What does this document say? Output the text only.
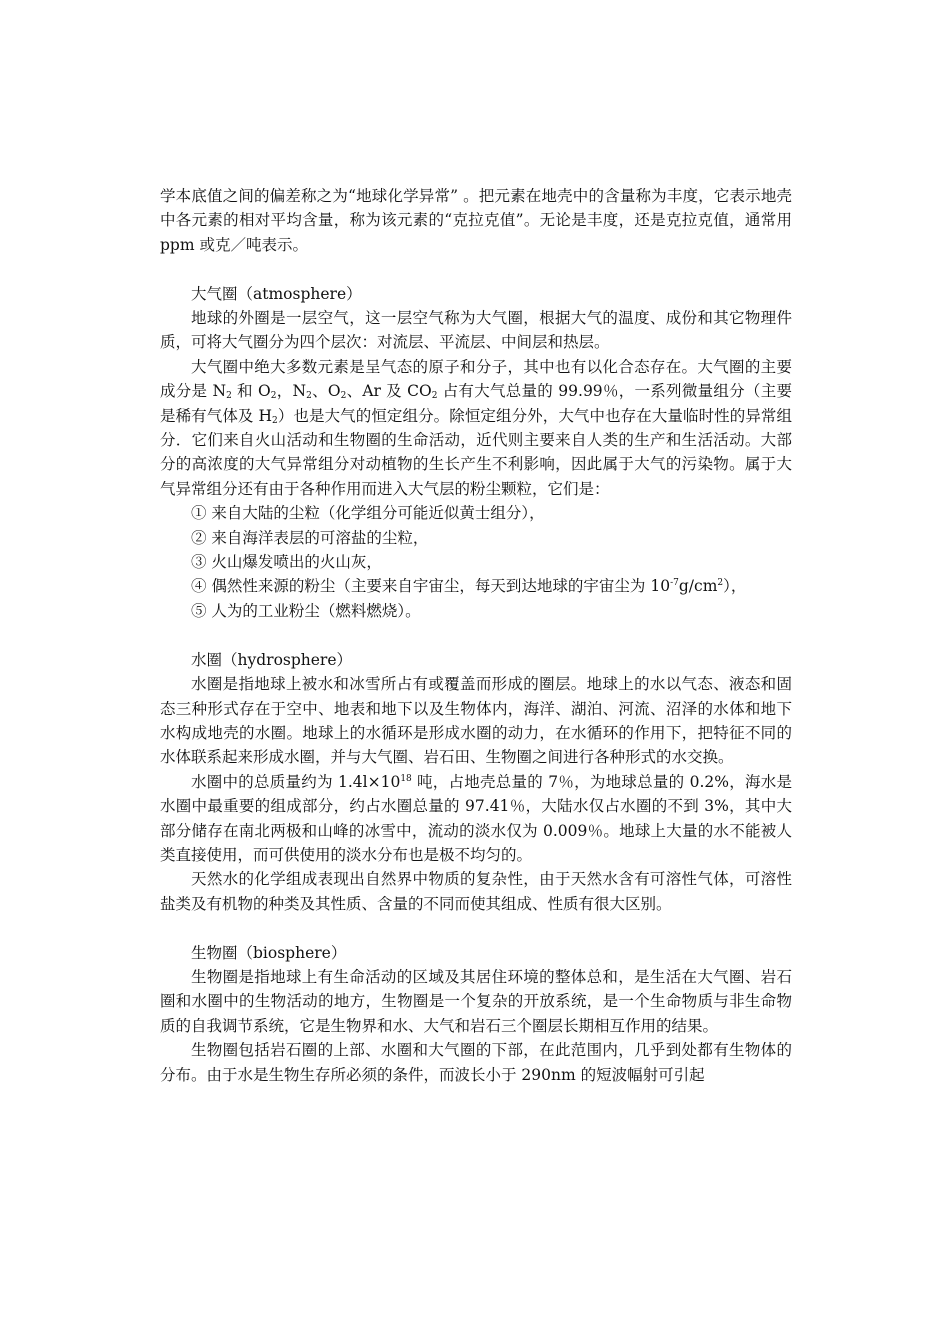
学本底值之间的偏差称之为“地球化学异常” 。把元素在地壳中的含量称为丰度，它表示地壳中各元素的相对平均含量，称为该元素的“克拉克值”。无论是丰度，还是克拉克值，通常用 ppm 或克／吨表示。

大气圈（atmosphere）

地球的外圈是一层空气，这一层空气称为大气圈，根据大气的温度、成份和其它物理件质，可将大气圈分为四个层次：对流层、平流层、中间层和热层。

大气圈中绝大多数元素是呈气态的原子和分子，其中也有以化合态存在。大气圈的主要成分是 $N_2$ 和 $O_2$，$N_2$、$O_2$、Ar 及 $CO_2$ 占有大气总量的 99.99％，一系列微量组分（主要是稀有气体及 $H_2$）也是大气的恒定组分。除恒定组分外，大气中也存在大量临时性的异常组分．它们来自火山活动和生物圈的生命活动，近代则主要来自人类的生产和生活活动。大部分的高浓度的大气异常组分对动植物的生长产生不利影响，因此属于大气的污染物。属于大气异常组分还有由于各种作用而进入大气层的粉尘颗粒，它们是：

① 来自大陆的尘粒（化学组分可能近似黄士组分），

② 来自海洋表层的可溶盐的尘粒，

③ 火山爆发喷出的火山灰，

④ 偶然性来源的粉尘（主要来自宇宙尘，每天到达地球的宇宙尘为 $10^{-7}g/cm^2$），

⑤ 人为的工业粉尘（燃料燃烧）。

水圈（hydrosphere）

水圈是指地球上被水和冰雪所占有或覆盖而形成的圈层。地球上的水以气态、液态和固态三种形式存在于空中、地表和地下以及生物体内，海洋、湖泊、河流、沼泽的水体和地下水构成地壳的水圈。地球上的水循环是形成水圈的动力，在水循环的作用下，把特征不同的水体联系起来形成水圈，并与大气圈、岩石田、生物圈之间进行各种形式的水交换。

水圈中的总质量约为 $1.4l\times 10^{18}$ 吨，占地壳总量的 7％，为地球总量的 0.2%，海水是水圈中最重要的组成部分，约占水圈总量的 97.41％，大陆水仅占水圈的不到 3%，其中大部分储存在南北两极和山峰的冰雪中，流动的淡水仅为 0.009％。地球上大量的水不能被人类直接使用，而可供使用的淡水分布也是极不均匀的。

天然水的化学组成表现出自然界中物质的复杂性，由于天然水含有可溶性气体，可溶性盐类及有机物的种类及其性质、含量的不同而使其组成、性质有很大区别。

生物圈（biosphere）

生物圈是指地球上有生命活动的区域及其居住环境的整体总和，是生活在大气圈、岩石圈和水圈中的生物活动的地方，生物圈是一个复杂的开放系统，是一个生命物质与非生命物质的自我调节系统，它是生物界和水、大气和岩石三个圈层长期相互作用的结果。

生物圈包括岩石圈的上部、水圈和大气圈的下部，在此范围内，几乎到处都有生物体的分布。由于水是生物生存所必须的条件，而波长小于 290nm 的短波幅射可引起
